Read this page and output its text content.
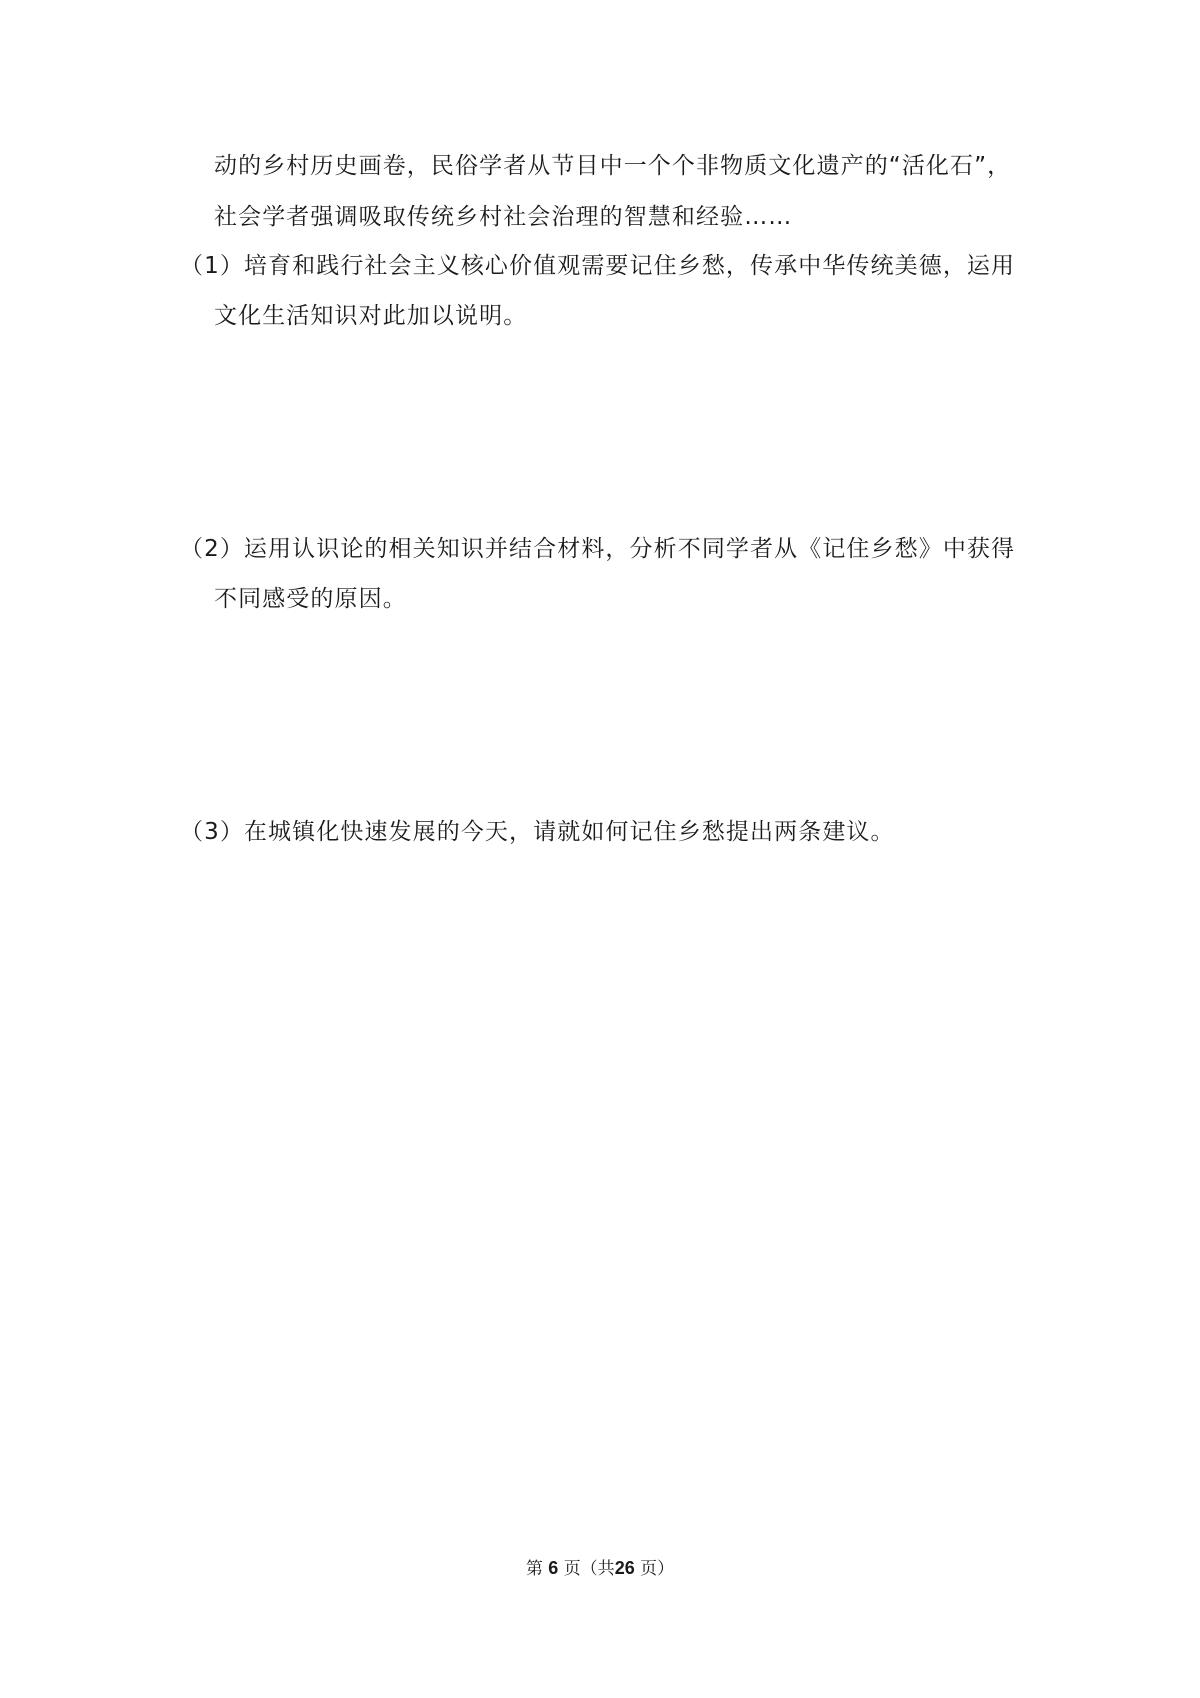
动的乡村历史画卷，民俗学者从节目中一个个非物质文化遗产的“活化石”，
社会学者强调吸取传统乡村社会治理的智慧和经验……
（1）培育和践行社会主义核心价值观需要记住乡愁，传承中华传统美德，运用
文化生活知识对此加以说明。
（2）运用认识论的相关知识并结合材料，分析不同学者从《记住乡愁》中获得
不同感受的原因。
（3）在城镇化快速发展的今天，请就如何记住乡愁提出两条建议。
第 6 页（共26 页）
